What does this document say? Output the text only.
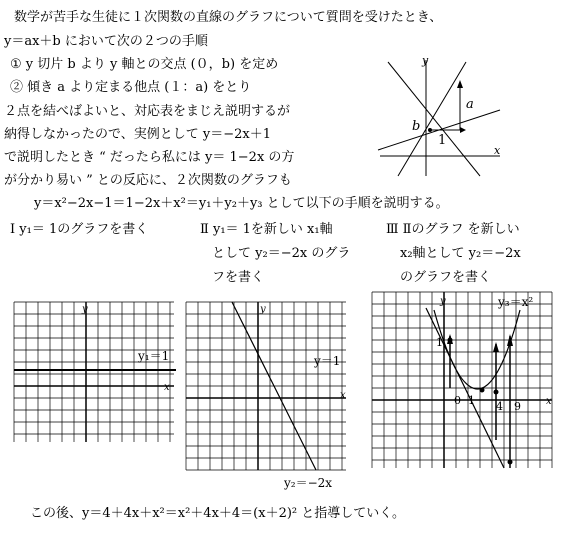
数学が苦手な生徒に１次関数の直線のグラフについて質問を受けたとき、
y＝ax＋b において次の２つの手順
① y 切片 b より y 軸との交点 (０，b) を定め
② 傾き a より定まる他点 (１：a) をとり
２点を結べばよいと、対応表をまじえ説明するが
納得しなかったので、実例として y＝−2x＋1
で説明したとき “ だったら私には y＝ 1−2x の方
が分かり易い ” との反応に、２次関数のグラフも
y＝x²−2x−1＝1−2x＋x²＝y₁＋y₂＋y₃ として以下の手順を説明する。
Ⅰ y₁＝ 1のグラフを書く	Ⅱ y₁＝ 1を新しい x₁軸
として y₂＝−2x のグラ
フを書く
Ⅲ Ⅱのグラフ を新しい
x₂軸として y₂＝−2x
のグラフを書く
y
x
b
a
1
y
x
y₁＝1
y
x
y＝1
y₂＝−2x
y
x
y₃＝x²
1
0 1 4 9
この後、y＝4＋4x＋x²＝x²＋4x＋4＝(x＋2)² と指導していく。
